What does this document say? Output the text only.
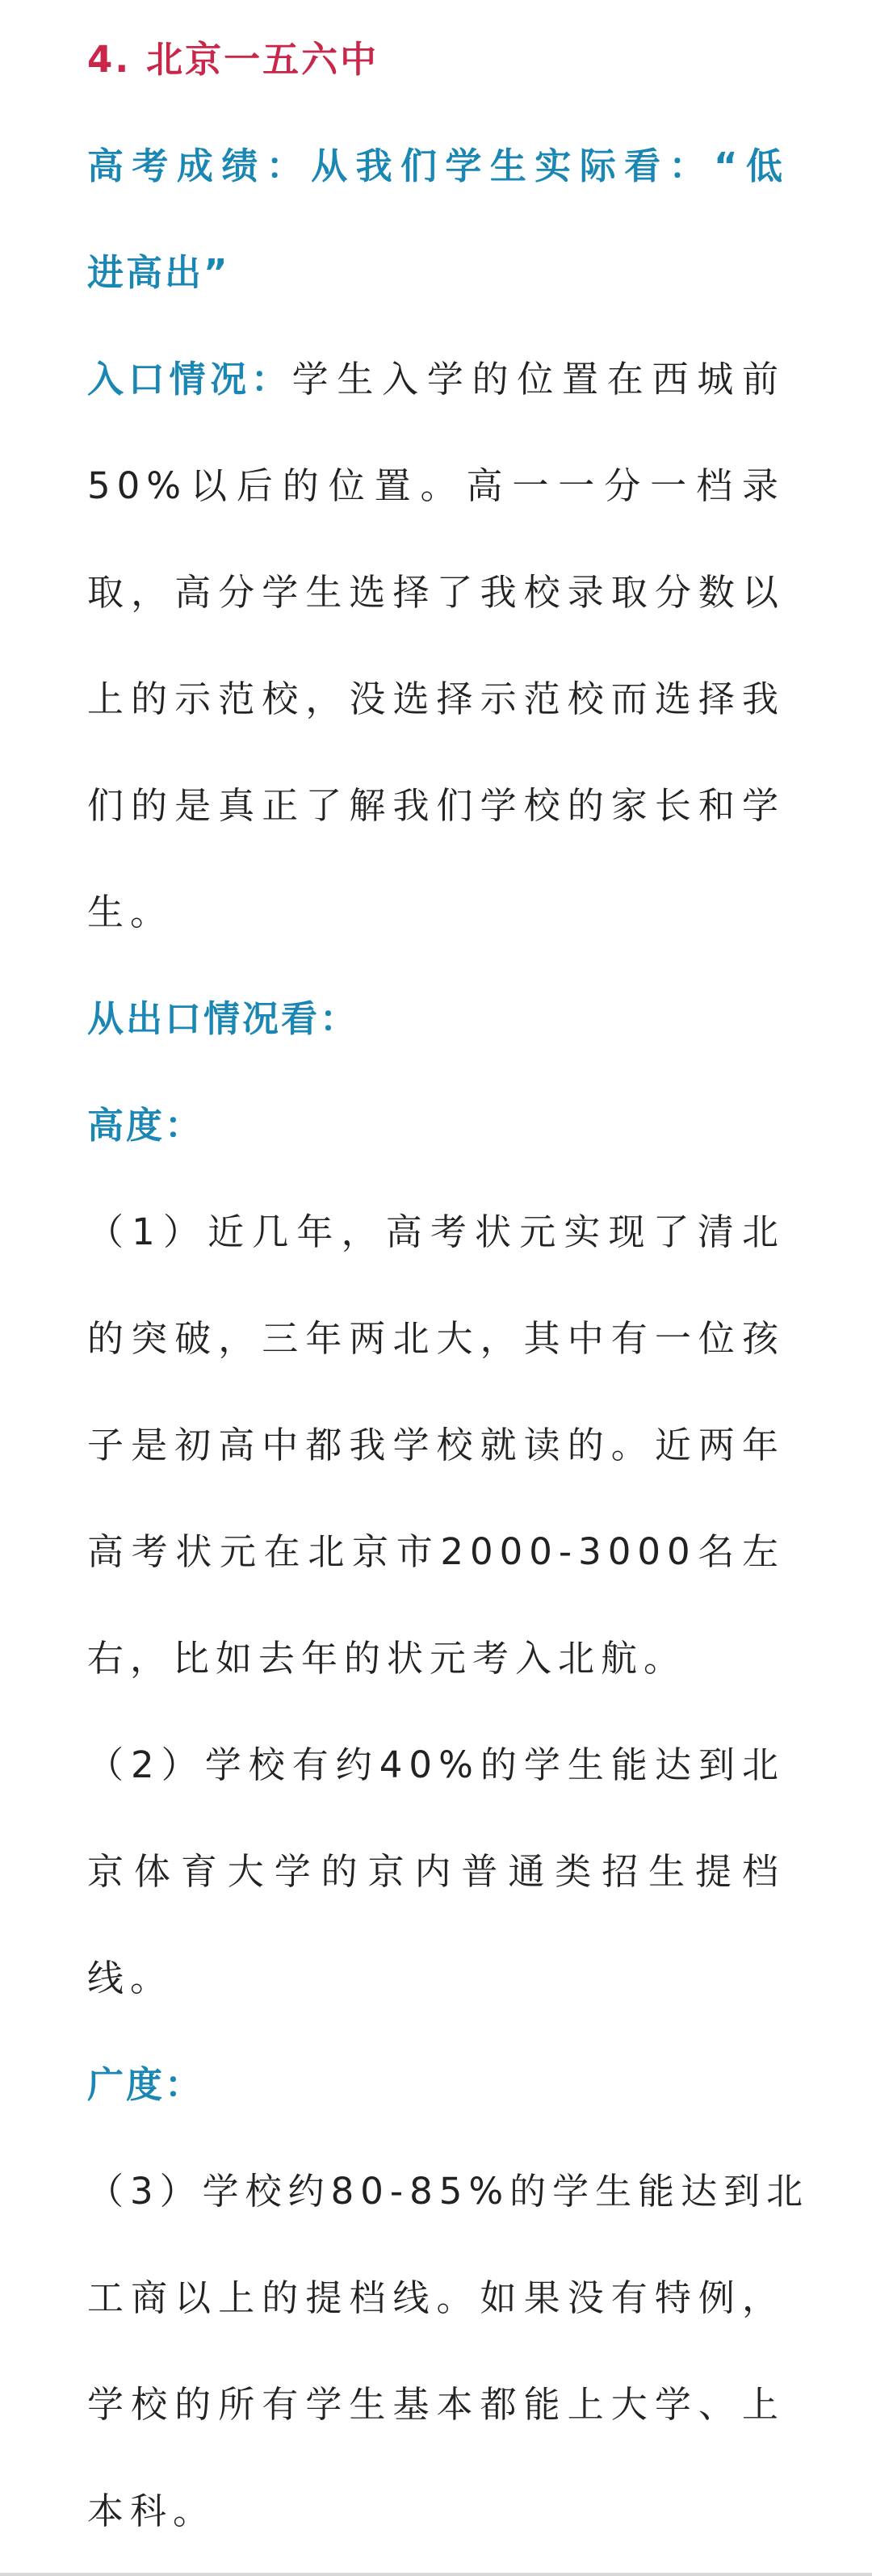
4. 北京一五六中
高考成绩：从我们学生实际看：“低
进高出”
入口情况：学生入学的位置在西城前
50%以后的位置。高一一分一档录
取，高分学生选择了我校录取分数以
上的示范校，没选择示范校而选择我
们的是真正了解我们学校的家长和学
生。
从出口情况看：
高度：
（1）近几年，高考状元实现了清北
的突破，三年两北大，其中有一位孩
子是初高中都我学校就读的。近两年
高考状元在北京市2000-3000名左
右，比如去年的状元考入北航。
（2）学校有约40%的学生能达到北
京体育大学的京内普通类招生提档
线。
广度：
（3）学校约80-85%的学生能达到北
工商以上的提档线。如果没有特例，
学校的所有学生基本都能上大学、上
本科。
